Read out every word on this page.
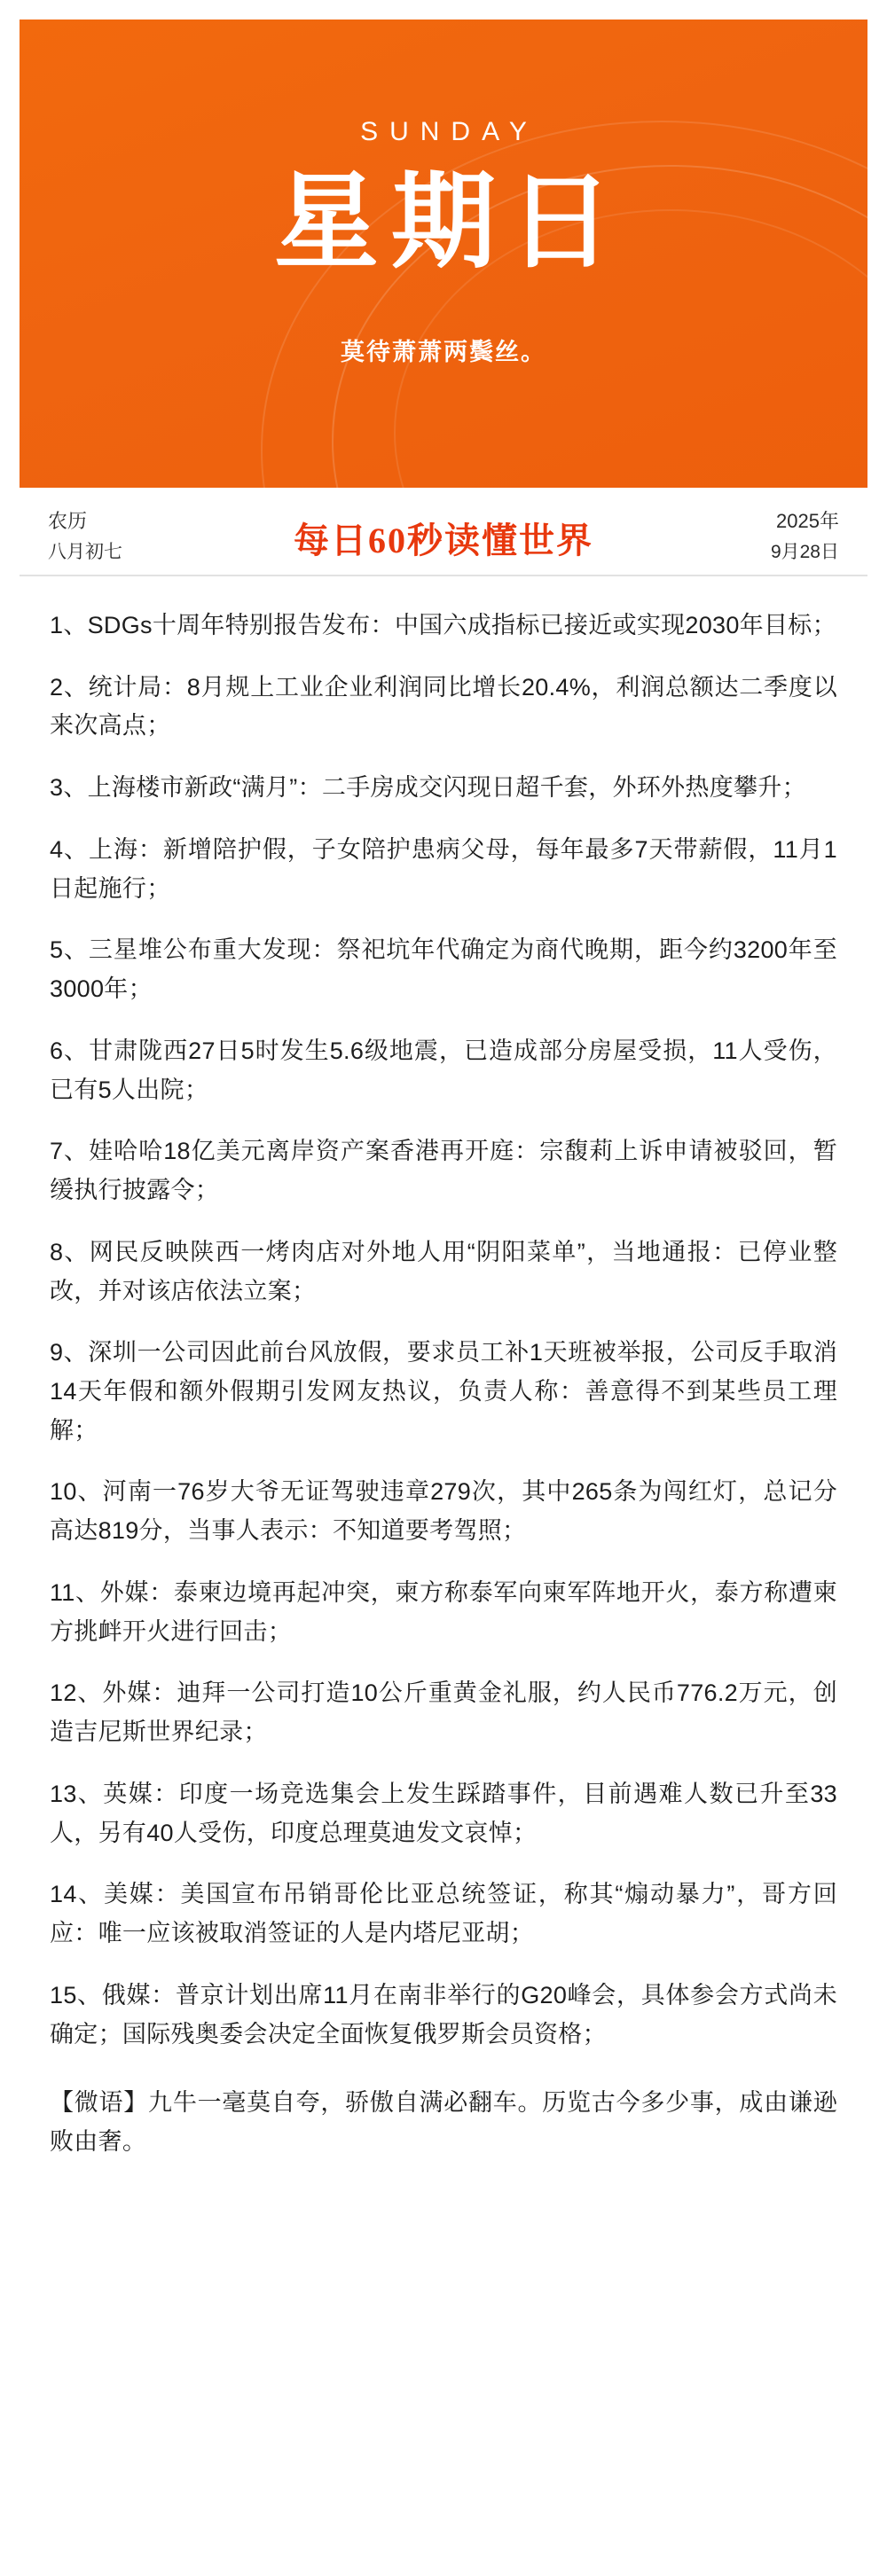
SUNDAY
星期日
莫待萧萧两鬓丝。
农历
八月初七	每日60秒读懂世界	2025年
9月28日
1、SDGs十周年特别报告发布：中国六成指标已接近或实现2030年目标；
2、统计局：8月规上工业企业利润同比增长20.4%，利润总额达二季度以来次高点；
3、上海楼市新政“满月”：二手房成交闪现日超千套，外环外热度攀升；
4、上海：新增陪护假，子女陪护患病父母，每年最多7天带薪假，11月1日起施行；
5、三星堆公布重大发现：祭祀坑年代确定为商代晚期，距今约3200年至3000年；
6、甘肃陇西27日5时发生5.6级地震，已造成部分房屋受损，11人受伤，已有5人出院；
7、娃哈哈18亿美元离岸资产案香港再开庭：宗馥莉上诉申请被驳回，暂缓执行披露令；
8、网民反映陕西一烤肉店对外地人用“阴阳菜单”，当地通报：已停业整改，并对该店依法立案；
9、深圳一公司因此前台风放假，要求员工补1天班被举报，公司反手取消14天年假和额外假期引发网友热议，负责人称：善意得不到某些员工理解；
10、河南一76岁大爷无证驾驶违章279次，其中265条为闯红灯，总记分高达819分，当事人表示：不知道要考驾照；
11、外媒：泰柬边境再起冲突，柬方称泰军向柬军阵地开火，泰方称遭柬方挑衅开火进行回击；
12、外媒：迪拜一公司打造10公斤重黄金礼服，约人民币776.2万元，创造吉尼斯世界纪录；
13、英媒：印度一场竞选集会上发生踩踏事件，目前遇难人数已升至33人，另有40人受伤，印度总理莫迪发文哀悼；
14、美媒：美国宣布吊销哥伦比亚总统签证，称其“煽动暴力”，哥方回应：唯一应该被取消签证的人是内塔尼亚胡；
15、俄媒：普京计划出席11月在南非举行的G20峰会，具体参会方式尚未确定；国际残奥委会决定全面恢复俄罗斯会员资格；
【微语】九牛一毫莫自夸，骄傲自满必翻车。历览古今多少事，成由谦逊败由奢。
